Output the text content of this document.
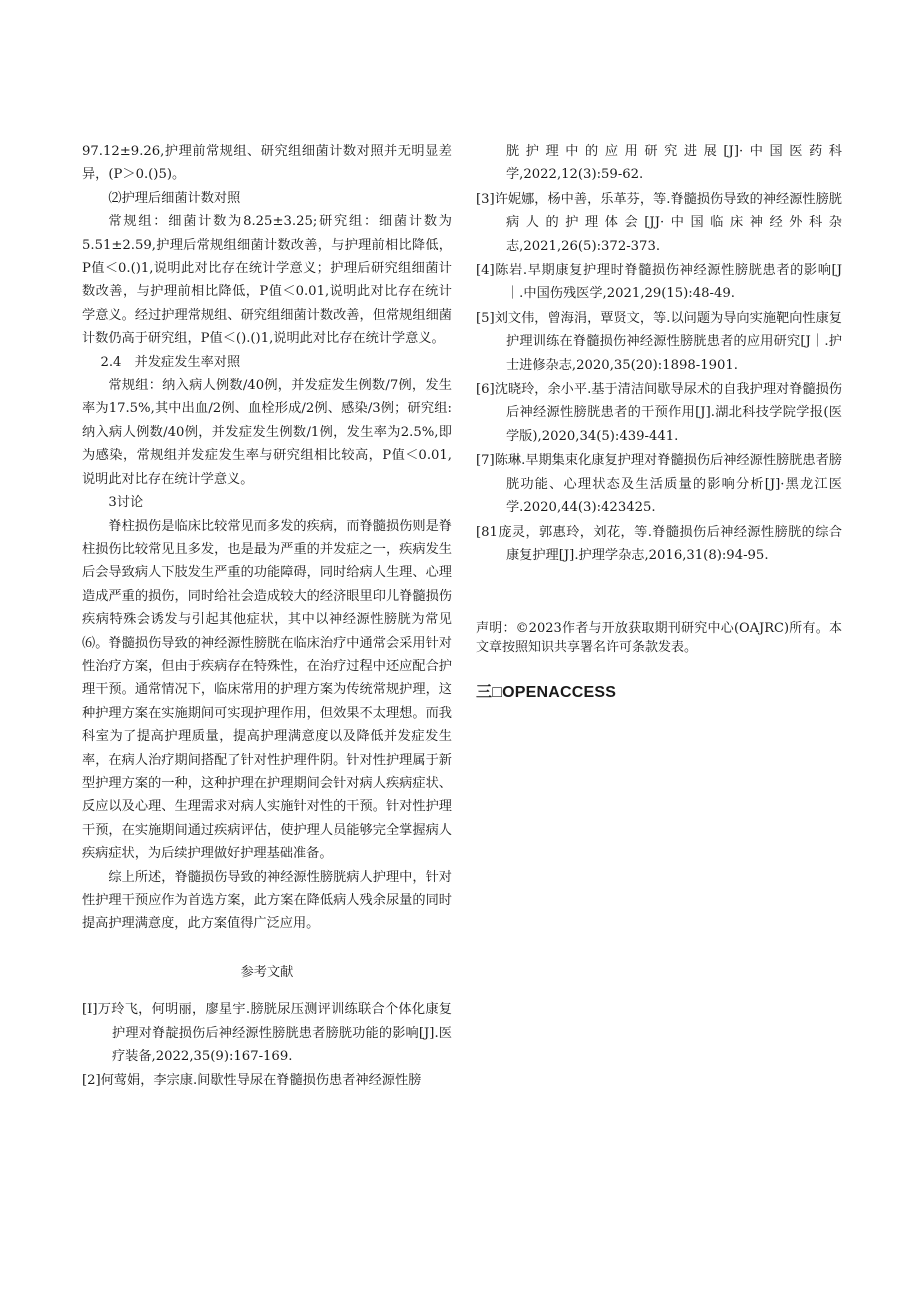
97.12±9.26,护理前常规组、研究组细菌计数对照并无明显差异，(P＞0.()5)。

⑵护理后细菌计数对照

常规组：细菌计数为8.25±3.25;研究组：细菌计数为5.51±2.59,护理后常规组细菌计数改善，与护理前相比降低，P值＜0.()1,说明此对比存在统计学意义；护理后研究组细菌计数改善，与护理前相比降低，P值＜0.01,说明此对比存在统计学意义。经过护理常规组、研究组细菌计数改善，但常规组细菌计数仍高于研究组，P值＜().()1,说明此对比存在统计学意义。

2.4　并发症发生率对照

常规组：纳入病人例数/40例，并发症发生例数/7例，发生率为17.5%,其中出血/2例、血栓形成/2例、感染/3例；研究组:纳入病人例数/40例，并发症发生例数/1例，发生率为2.5%,即为感染，常规组并发症发生率与研究组相比较高，P值＜0.01,说明此对比存在统计学意义。

3讨论

脊柱损伤是临床比较常见而多发的疾病，而脊髓损伤则是脊柱损伤比较常见且多发，也是最为严重的并发症之一，疾病发生后会导致病人下肢发生严重的功能障碍，同时给病人生理、心理造成严重的损伤，同时给社会造成较大的经济眼里印儿脊髓损伤疾病特殊会诱发与引起其他症状，其中以神经源性膀胱为常见⑹。脊髓损伤导致的神经源性膀胱在临床治疗中通常会采用针对性治疗方案，但由于疾病存在特殊性，在治疗过程中还应配合护理干预。通常情况下，临床常用的护理方案为传统常规护理，这种护理方案在实施期间可实现护理作用，但效果不太理想。而我科室为了提高护理质量，提高护理满意度以及降低并发症发生率，在病人治疗期间搭配了针对性护理件阴。针对性护理属于新型护理方案的一种，这种护理在护理期间会针对病人疾病症状、反应以及心理、生理需求对病人实施针对性的干预。针对性护理干预，在实施期间通过疾病评估，使护理人员能够完全掌握病人疾病症状，为后续护理做好护理基础准备。

综上所述，脊髓损伤导致的神经源性膀胱病人护理中，针对性护理干预应作为首选方案，此方案在降低病人残余尿量的同时提高护理满意度，此方案值得广泛应用。

参考文献

[I]万玲飞，何明丽，廖星宇.膀胱尿压测评训练联合个体化康复护理对脊靛损伤后神经源性膀胱患者膀胱功能的影响[J].医疗装备,2022,35(9):167-169.

[2]何莺娟，李宗康.间歇性导尿在脊髓损伤患者神经源性膀

胱护理中的应用研究进展[J]·中国医药科学,2022,12(3):59-62.

[3]许妮娜，杨中善，乐革芬，等.脊髓损伤导致的神经源性膀胱病人的护理体会[JJ·中国临床神经外科杂志,2021,26(5):372-373.

[4]陈岩.早期康复护理时脊髓损伤神经源性膀胱患者的影响[J｜.中国伤残医学,2021,29(15):48-49.

[5]刘文伟，曾海涓，覃贤文，等.以问题为导向实施靶向性康复护理训练在脊髓损伤神经源性膀胱患者的应用研究[J｜.护士进修杂志,2020,35(20):1898-1901.

[6]沈晓玲，余小平.基于清洁间歇导尿术的自我护理对脊髓损伤后神经源性膀胱患者的干预作用[J].湖北科技学院学报(医学版),2020,34(5):439-441.

[7]陈琳.早期集束化康复护理对脊髓损伤后神经源性膀胱患者膀胱功能、心理状态及生活质量的影响分析[J]·黑龙江医学.2020,44(3):423425.

[81庞灵，郭惠玲，刘花，等.脊髓损伤后神经源性膀胱的综合康复护理[J].护理学杂志,2016,31(8):94-95.

声明：©2023作者与开放获取期刊研究中心(OAJRC)所有。本文章按照知识共享署名许可条款发表。
三□OPENACCESS
